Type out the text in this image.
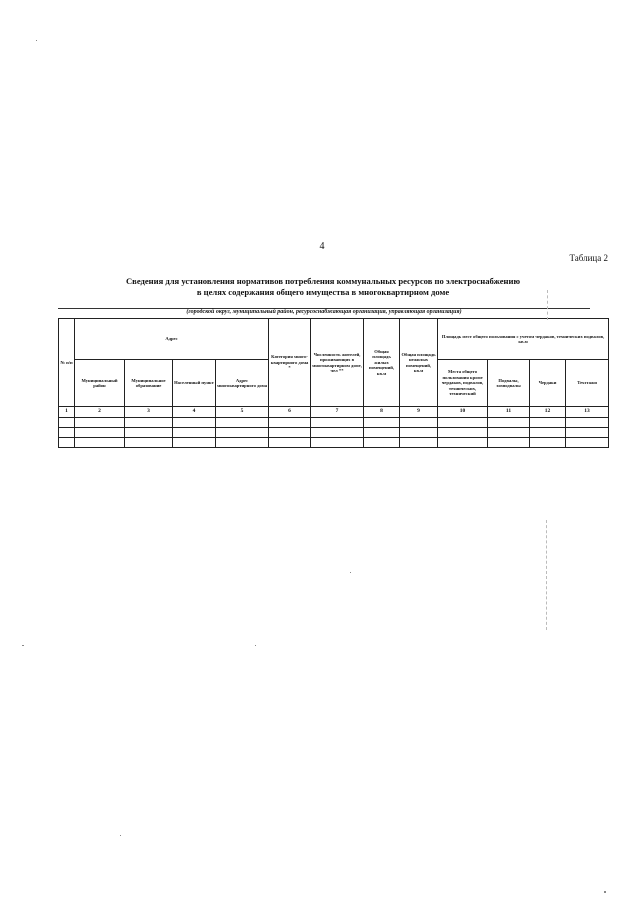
4
Таблица 2
Сведения для установления нормативов потребления коммунальных ресурсов по электроснабжению
в целях содержания общего имущества в многоквартирном доме
(городской округ, муниципальный район, ресурсоснабжающая организация, управляющая организация)
№ п/п	Адрес				Категория много-квартирного дома *	Численность жителей, проживающих в многоквартирном доме, чел **	Общая площадь жилых помещений, кв.м	Общая площадь нежилых помещений, кв.м	Площадь мест общего пользования с учетом чердаков, технических подвалов, кв.м			
	Муниципальный район	Муниципальное образование	Населенный пункт	Адрес многоквартирного дома					Места общего пользования кроме чердаков, подвалов, технических, технический	Подвалы, хозподвалы	Чердаки	Техэтажи
1	2	3	4	5	6	7	8	9	10	11	12	13
